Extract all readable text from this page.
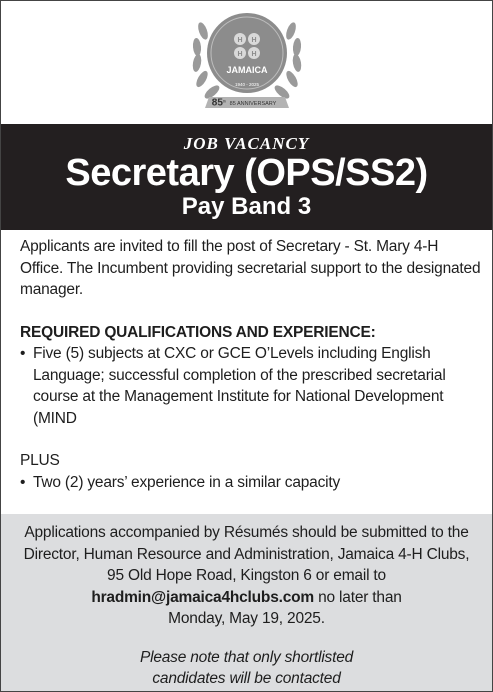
H H
H H
JAMAICA
1940 - 2025
85th 85 ANNIVERSARY
JOB VACANCY
Secretary (OPS/SS2)
Pay Band 3

Applicants are invited to fill the post of Secretary - St. Mary 4-H Office. The Incumbent providing secretarial support to the designated manager.

REQUIRED QUALIFICATIONS AND EXPERIENCE:

• Five (5) subjects at CXC or GCE O’Levels including English Language; successful completion of the prescribed secretarial course at the Management Institute for National Development (MIND

PLUS

• Two (2) years’ experience in a similar capacity

Applications accompanied by Résumés should be submitted to the

Director, Human Resource and Administration, Jamaica 4-H Clubs,

95 Old Hope Road, Kingston 6 or email to

hradmin@jamaica4hclubs.com no later than

Monday, May 19, 2025.

Please note that only shortlisted

candidates will be contacted
